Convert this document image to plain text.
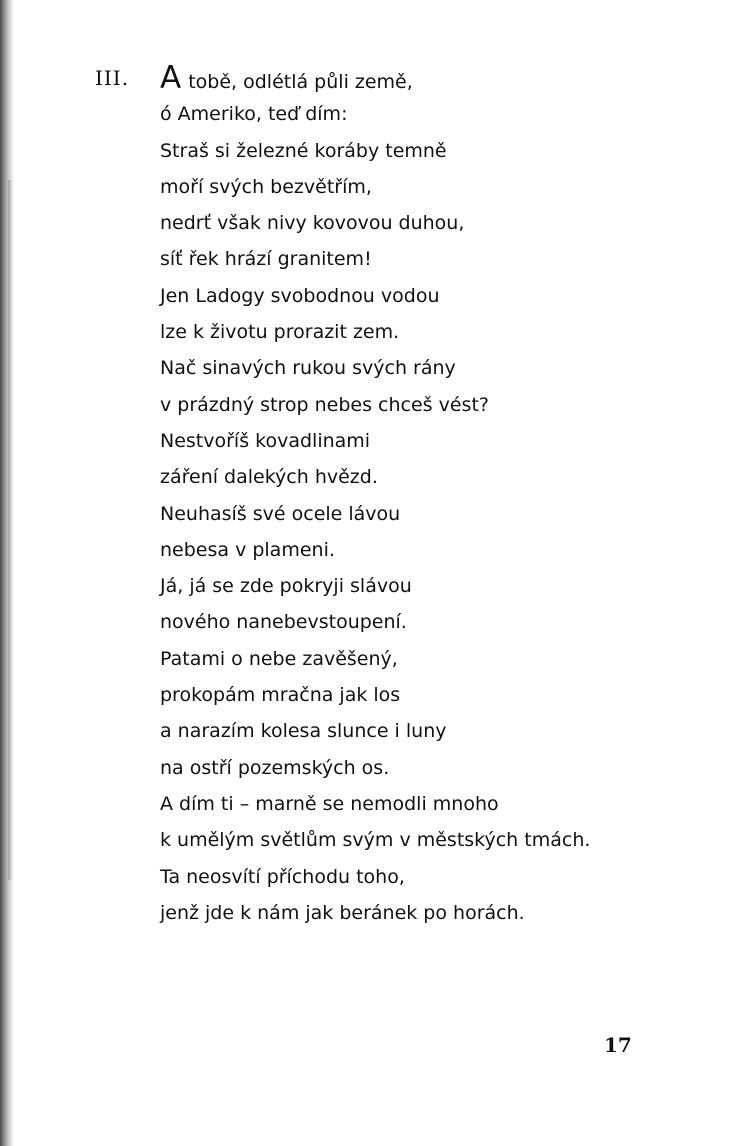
III. A tobě, odlétlá půli země,
ó Ameriko, teď dím:
Straš si železné koráby temně
moří svých bezvětřím,
nedrť však nivy kovovou duhou,
síť řek hrází granitem!
Jen Ladogy svobodnou vodou
lze k životu prorazit zem.
Nač sinavých rukou svých rány
v prázdný strop nebes chceš vést?
Nestvoříš kovadlinami
záření dalekých hvězd.
Neuhasíš své ocele lávou
nebesa v plameni.
Já, já se zde pokryji slávou
nového nanebevstoupení.
Patami o nebe zavěšený,
prokopám mračna jak los
a narazím kolesa slunce i luny
na ostří pozemských os.
A dím ti – marně se nemodli mnoho
k umělým světlům svým v městských tmách.
Ta neosvítí příchodu toho,
jenž jde k nám jak beránek po horách.
17
